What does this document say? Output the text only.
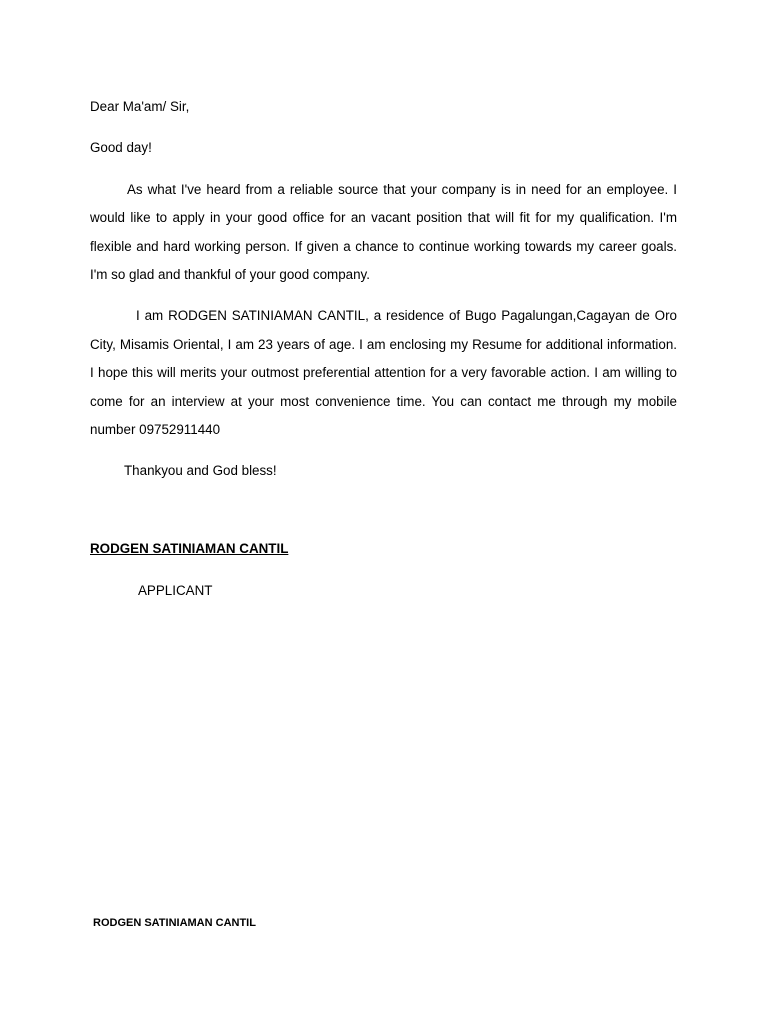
Dear Ma'am/ Sir,

Good day!

As what I've heard from a reliable source that your company is in need for an employee. I would like to apply in your good office for an vacant position that will fit for my qualification. I'm flexible and hard working person. If given a chance to continue working towards my career goals. I'm so glad and thankful of your good company.

I am RODGEN SATINIAMAN CANTIL, a residence of Bugo Pagalungan,Cagayan de Oro City, Misamis Oriental, I am 23 years of age. I am enclosing my Resume for additional information. I hope this will merits your outmost preferential attention for a very favorable action. I am willing to come for an interview at your most convenience time. You can contact me through my mobile number 09752911440

Thankyou and God bless!

RODGEN SATINIAMAN CANTIL
APPLICANT
RODGEN SATINIAMAN CANTIL
